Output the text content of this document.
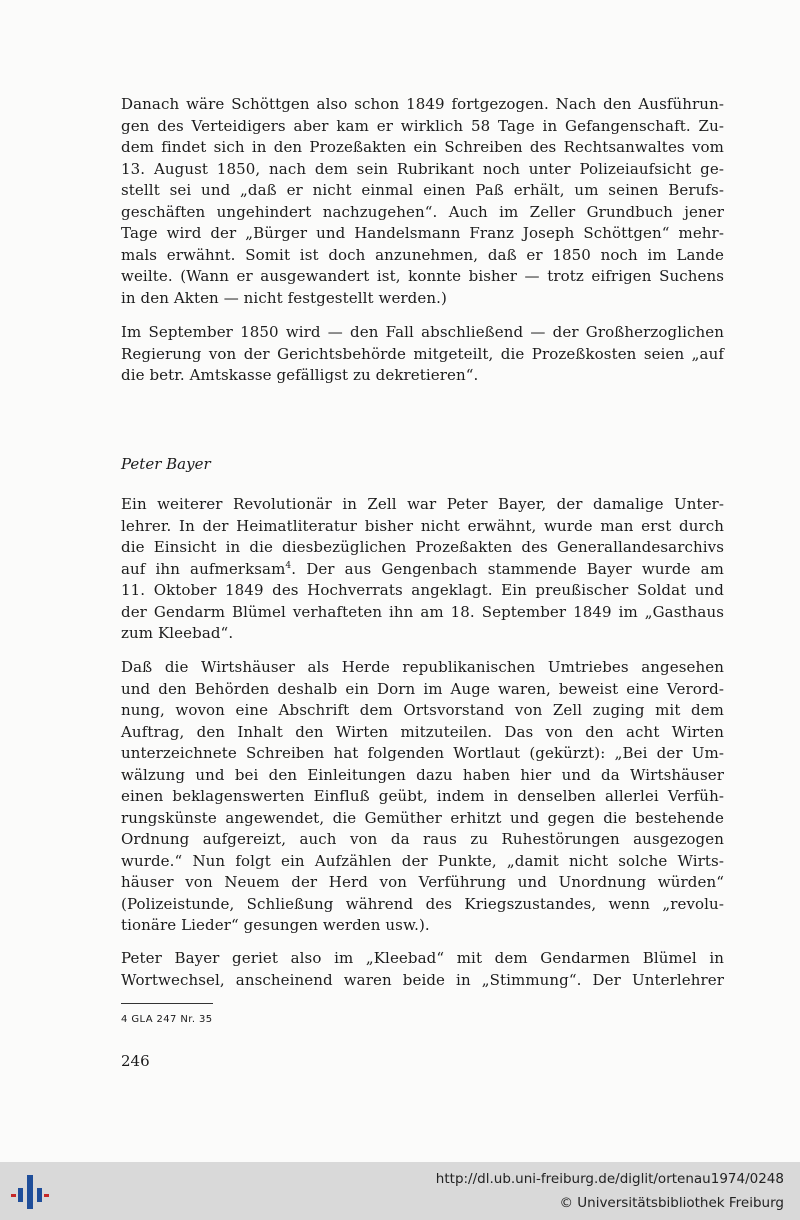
Danach wäre Schöttgen also schon 1849 fortgezogen. Nach den Ausführun-
gen des Verteidigers aber kam er wirklich 58 Tage in Gefangenschaft. Zu-
dem findet sich in den Prozeßakten ein Schreiben des Rechtsanwaltes vom
13. August 1850, nach dem sein Rubrikant noch unter Polizeiaufsicht ge-
stellt sei und „daß er nicht einmal einen Paß erhält, um seinen Berufs-
geschäften ungehindert nachzugehen“. Auch im Zeller Grundbuch jener
Tage wird der „Bürger und Handelsmann Franz Joseph Schöttgen“ mehr-
mals erwähnt. Somit ist doch anzunehmen, daß er 1850 noch im Lande
weilte. (Wann er ausgewandert ist, konnte bisher — trotz eifrigen Suchens
in den Akten — nicht festgestellt werden.)

Im September 1850 wird — den Fall abschließend — der Großherzoglichen
Regierung von der Gerichtsbehörde mitgeteilt, die Prozeßkosten seien „auf
die betr. Amtskasse gefälligst zu dekretieren“.

Peter Bayer

Ein weiterer Revolutionär in Zell war Peter Bayer, der damalige Unter-
lehrer. In der Heimatliteratur bisher nicht erwähnt, wurde man erst durch
die Einsicht in die diesbezüglichen Prozeßakten des Generallandesarchivs
auf ihn aufmerksam$^4$. Der aus Gengenbach stammende Bayer wurde am
11. Oktober 1849 des Hochverrats angeklagt. Ein preußischer Soldat und
der Gendarm Blümel verhafteten ihn am 18. September 1849 im „Gasthaus
zum Kleebad“.

Daß die Wirtshäuser als Herde republikanischen Umtriebes angesehen
und den Behörden deshalb ein Dorn im Auge waren, beweist eine Verord-
nung, wovon eine Abschrift dem Ortsvorstand von Zell zuging mit dem
Auftrag, den Inhalt den Wirten mitzuteilen. Das von den acht Wirten
unterzeichnete Schreiben hat folgenden Wortlaut (gekürzt): „Bei der Um-
wälzung und bei den Einleitungen dazu haben hier und da Wirtshäuser
einen beklagenswerten Einfluß geübt, indem in denselben allerlei Verfüh-
rungskünste angewendet, die Gemüther erhitzt und gegen die bestehende
Ordnung aufgereizt, auch von da raus zu Ruhestörungen ausgezogen
wurde.“ Nun folgt ein Aufzählen der Punkte, „damit nicht solche Wirts-
häuser von Neuem der Herd von Verführung und Unordnung würden“
(Polizeistunde, Schließung während des Kriegszustandes, wenn „revolu-
tionäre Lieder“ gesungen werden usw.).

Peter Bayer geriet also im „Kleebad“ mit dem Gendarmen Blümel in
Wortwechsel, anscheinend waren beide in „Stimmung“. Der Unterlehrer

4 GLA 247 Nr. 35
246
http://dl.ub.uni-freiburg.de/diglit/ortenau1974/0248
© Universitätsbibliothek Freiburg
